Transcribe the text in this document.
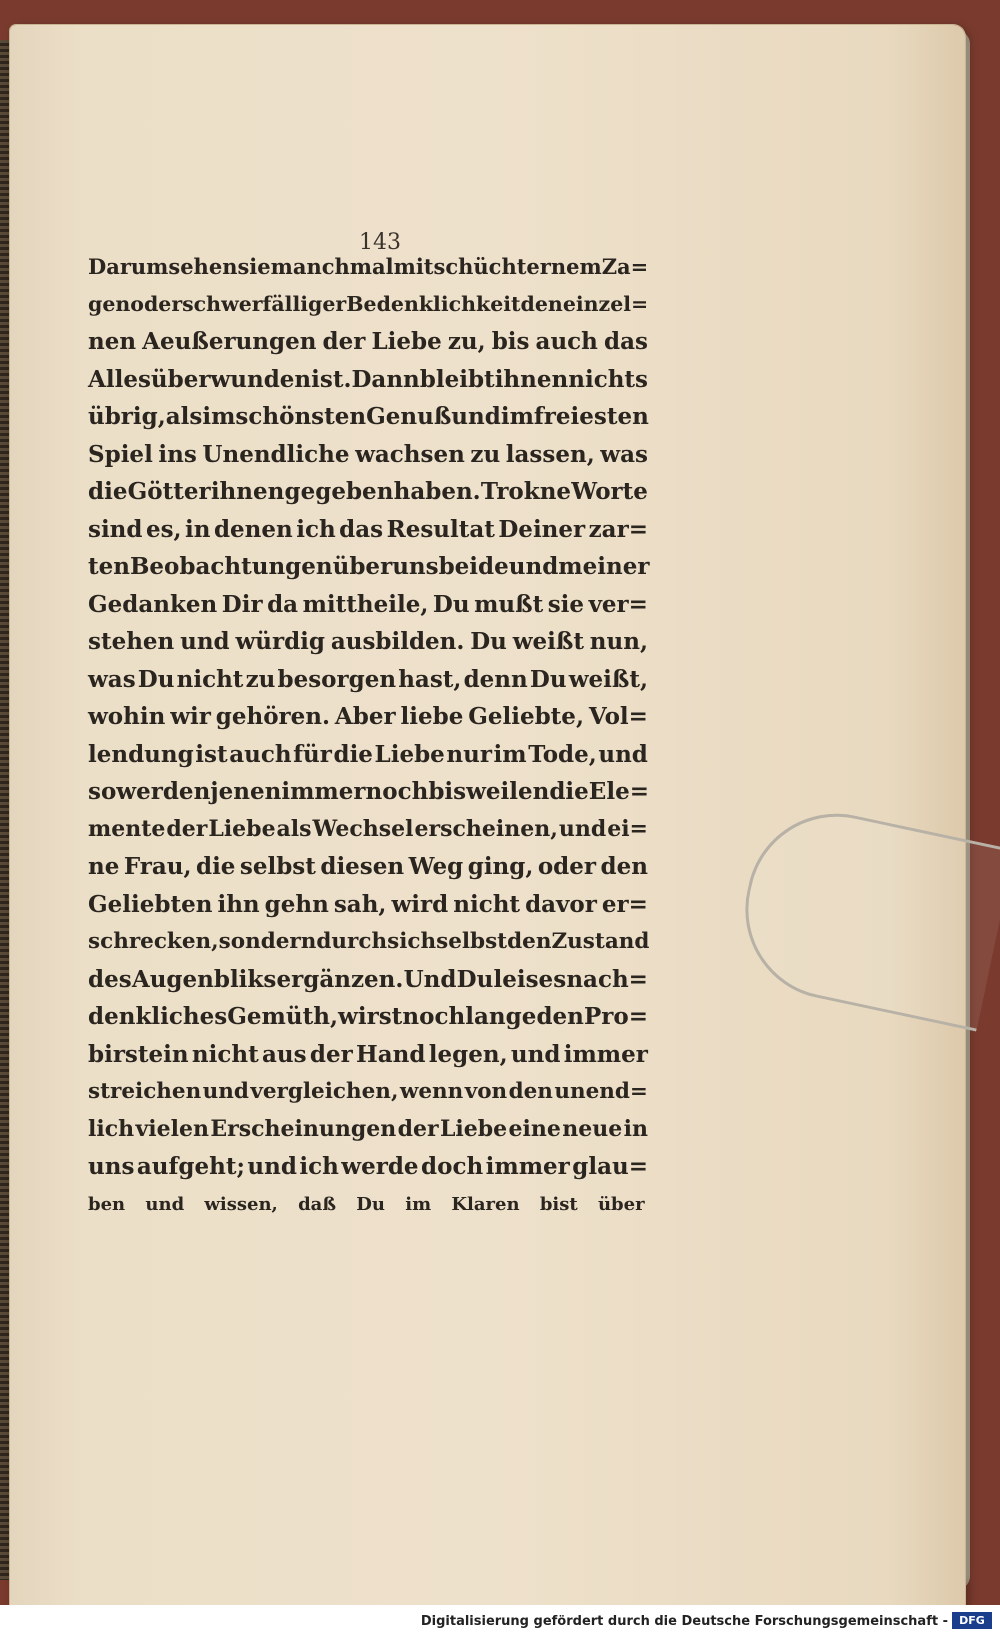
143
Darum sehen sie manchmal mit schüchternem Za=
gen oder schwerfälliger Bedenklichkeit den einzel=
nen Aeußerungen der Liebe zu, bis auch das
Alles überwunden ist. Dann bleibt ihnen nichts
übrig, als im schönsten Genuß und im freiesten
Spiel ins Unendliche wachsen zu lassen, was
die Götter ihnen gegeben haben. Trokne Worte
sind es, in denen ich das Resultat Deiner zar=
ten Beobachtungen über uns beide und meiner
Gedanken Dir da mittheile, Du mußt sie ver=
stehen und würdig ausbilden. Du weißt nun,
was Du nicht zu besorgen hast, denn Du weißt,
wohin wir gehören. Aber liebe Geliebte, Vol=
lendung ist auch für die Liebe nur im Tode, und
so werden jenen immer noch bisweilen die Ele=
mente der Liebe als Wechsel erscheinen, und ei=
ne Frau, die selbst diesen Weg ging, oder den
Geliebten ihn gehn sah, wird nicht davor er=
schrecken, sondern durch sich selbst den Zustand
des Augenbliks ergänzen. Und Du leises nach=
denkliches Gemüth, wirst noch lange den Pro=
birstein nicht aus der Hand legen, und immer
streichen und vergleichen, wenn von den unend=
lich vielen Erscheinungen der Liebe eine neue in
uns aufgeht; und ich werde doch immer glau=
ben und wissen, daß Du im Klaren bist über
Digitalisierung gefördert durch die Deutsche Forschungsgemeinschaft -	DFG
